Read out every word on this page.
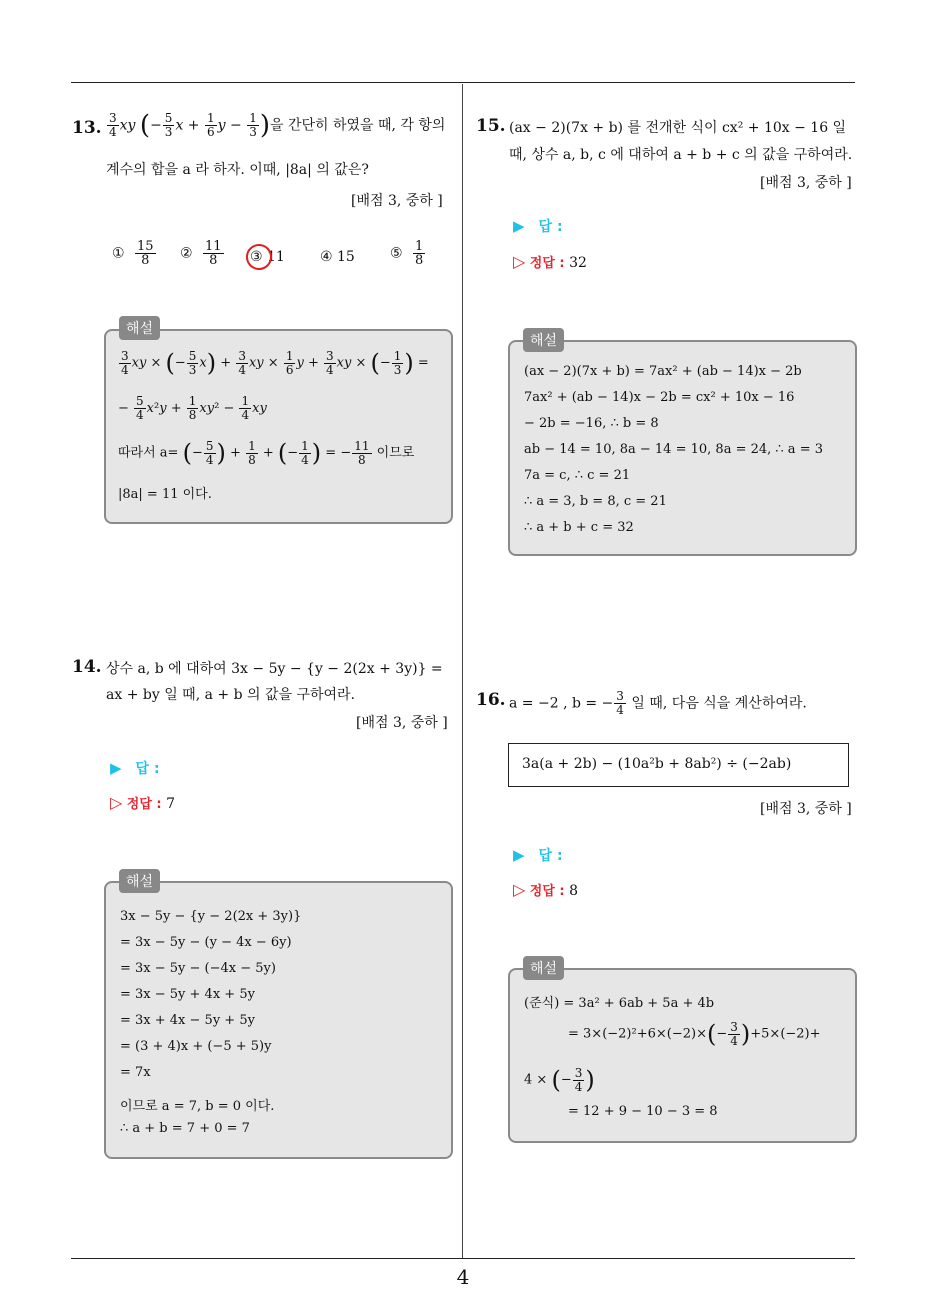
4
13. $\frac{3}{4}$ xy (− $\frac{5}{3}$ $x + \frac{1}{6}$ $y - \frac{1}{3}$ )을 간단히 하였을 때, 각 항의
계수의 합을 a 라 하자. 이때, |8a| 의 값은?
[배점 3, 중하 ]
① $\frac{15}{8}$ ② $\frac{11}{8}$ ③ 11	④ 15	⑤ $\frac{1}{8}$
$\frac{3}{4}$ xy × (− $\frac{5}{3} x) + \frac{3}{4}$ xy × $\frac{1}{6}$ $y + \frac{3}{4}$ xy × (− $\frac{1}{3}$ ) =
− $\frac{5}{4} x^2y + \frac{1}{8} xy^2 - \frac{1}{4}$ xy
따라서 a= (− $\frac{5}{4}$ ) + $\frac{1}{8}$ + (− $\frac{1}{4}$ ) = − $\frac{11}{8}$ 이므로
|8a| = 11 이다.
해설
14. 상수 a, b 에 대하여 3x − 5y − {y − 2(2x + 3y)} =
ax + by 일 때, a + b 의 값을 구하여라.
[배점 3, 중하 ]
▶ 답 :
▷ 정답 : 7
3x − 5y − {y − 2(2x + 3y)}
= 3x − 5y − (y − 4x − 6y)
= 3x − 5y − (−4x − 5y)
= 3x − 5y + 4x + 5y
= 3x + 4x − 5y + 5y
= (3 + 4)x + (−5 + 5)y
= 7x
이므로 a = 7, b = 0 이다.
∴ a + b = 7 + 0 = 7
해설
15. (ax − 2)(7x + b) 를 전개한 식이 cx² + 10x − 16 일
때, 상수 a, b, c 에 대하여 a + b + c 의 값을 구하여라.
[배점 3, 중하 ]
▶ 답 :
▷ 정답 : 32
(ax − 2)(7x + b) = 7ax² + (ab − 14)x − 2b
7ax² + (ab − 14)x − 2b = cx² + 10x − 16
− 2b = −16, ∴ b = 8
ab − 14 = 10, 8a − 14 = 10, 8a = 24, ∴ a = 3
7a = c, ∴ c = 21
∴ a = 3, b = 8, c = 21
∴ a + b + c = 32
해설
16. a = −2 , b = − $\frac{3}{4}$ 일 때, 다음 식을 계산하여라.
3a(a + 2b) − (10a²b + 8ab²) ÷ (−2ab)
[배점 3, 중하 ]
▶ 답 :
▷ 정답 : 8
(준식) = 3a² + 6ab + 5a + 4b
= $3\times(-2)^2+6\times(-2)\times(- \frac{3}{4} )+5\times(-2)+$
4 × (− $\frac{3}{4}$ )
= 12 + 9 − 10 − 3 = 8
해설
